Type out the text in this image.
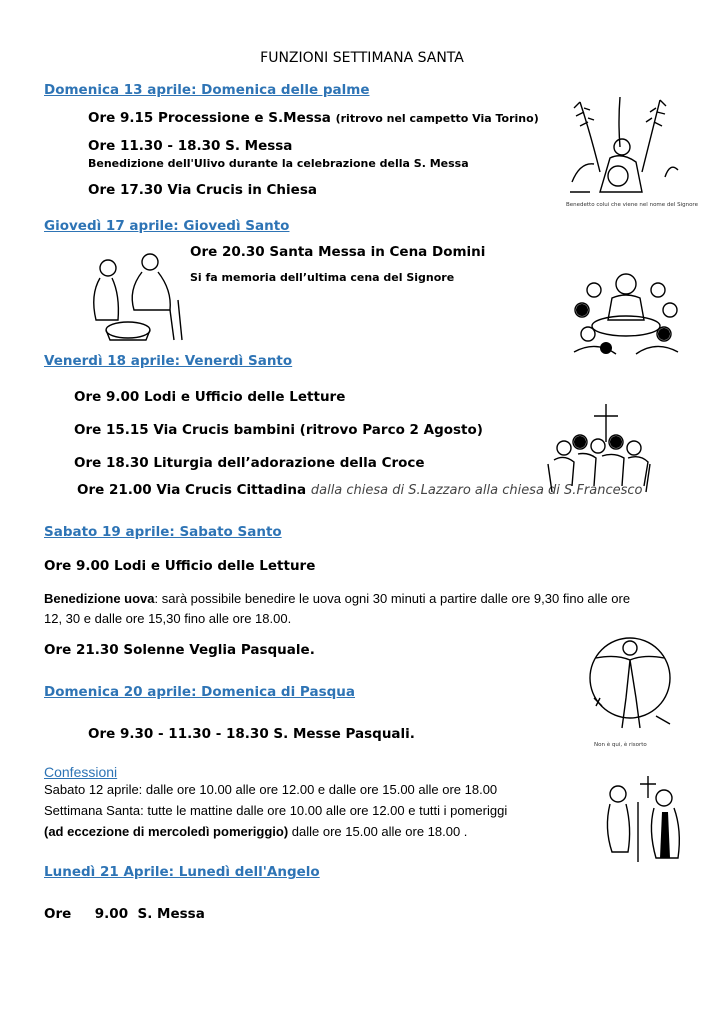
FUNZIONI SETTIMANA SANTA
Domenica 13 aprile: Domenica delle palme
Ore 9.15 Processione e S.Messa (ritrovo nel campetto Via Torino)
Ore 11.30 - 18.30 S. Messa
Benedizione dell'Ulivo durante la celebrazione della S. Messa
Ore 17.30 Via Crucis in Chiesa
Benedetto colui che viene nel nome del Signore
Giovedì 17 aprile: Giovedì Santo
Ore 20.30 Santa Messa in Cena Domini
Si fa memoria dell’ultima cena del Signore
Venerdì 18 aprile: Venerdì Santo
Ore 9.00 Lodi e Ufficio delle Letture
Ore 15.15 Via Crucis bambini (ritrovo Parco 2 Agosto)
Ore 18.30 Liturgia dell’adorazione della Croce
Ore 21.00 Via Crucis Cittadina dalla chiesa di S.Lazzaro alla chiesa di S.Francesco
Sabato 19 aprile: Sabato Santo
Ore 9.00 Lodi e Ufficio delle Letture
Benedizione uova: sarà possibile benedire le uova ogni 30 minuti a partire dalle ore 9,30 fino alle ore
12, 30 e dalle ore 15,30 fino alle ore 18.00.
Ore 21.30 Solenne Veglia Pasquale.
Non è qui, è risorto
Domenica 20 aprile: Domenica di Pasqua
Ore 9.30 - 11.30 - 18.30 S. Messe Pasquali.
Confessioni
Sabato 12 aprile: dalle ore 10.00 alle ore 12.00 e dalle ore 15.00 alle ore 18.00
Settimana Santa: tutte le mattine dalle ore 10.00 alle ore 12.00 e tutti i pomeriggi
(ad eccezione di mercoledì pomeriggio) dalle ore 15.00 alle ore 18.00 .
Lunedì 21 Aprile: Lunedì dell'Angelo
Ore     9.00  S. Messa
